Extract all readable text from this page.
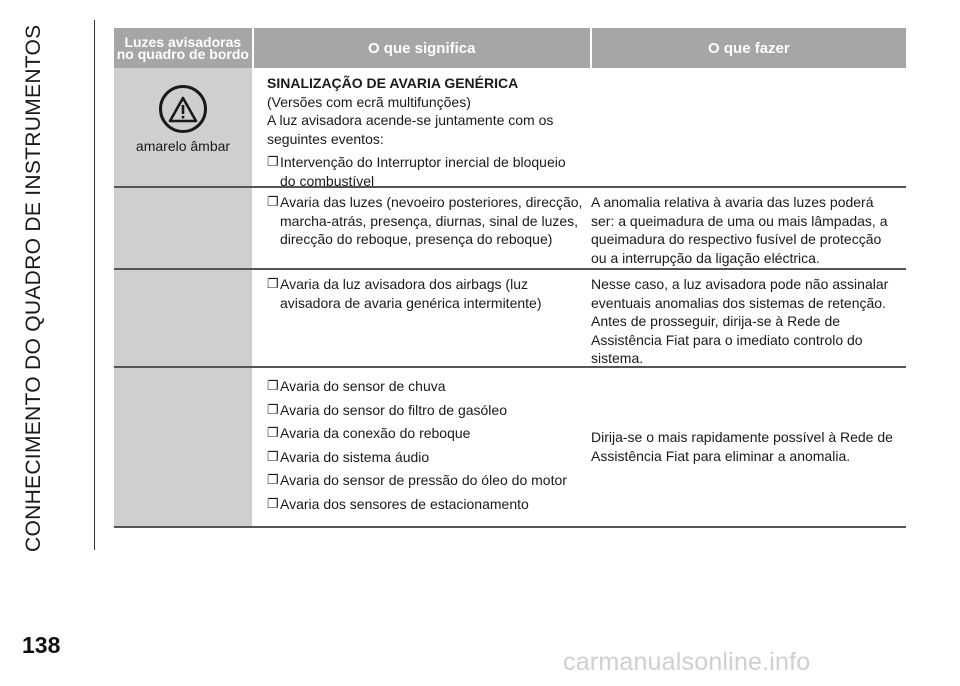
CONHECIMENTO DO QUADRO DE INSTRUMENTOS
138
carmanualsonline.info
Luzes avisadoras
no quadro de bordo	O que significa	O que fazer
amarelo âmbar
SINALIZAÇÃO DE AVARIA GENÉRICA
(Versões com ecrã multifunções)
A luz avisadora acende-se juntamente com os seguintes eventos:
❐ Intervenção do Interruptor inercial de bloqueio do combustível
❐ Avaria das luzes (nevoeiro posteriores, direcção, marcha-atrás, presença, diurnas, sinal de luzes, direcção do reboque, presença do reboque)
A anomalia relativa à avaria das luzes poderá ser: a queimadura de uma ou mais lâmpadas, a queimadura do respectivo fusível de protecção ou a interrupção da ligação eléctrica.
❐ Avaria da luz avisadora dos airbags (luz avisadora de avaria genérica intermitente)
Nesse caso, a luz avisadora pode não assinalar eventuais anomalias dos sistemas de retenção. Antes de prosseguir, dirija-se à Rede de Assistência Fiat para o imediato controlo do sistema.
❐ Avaria do sensor de chuva
❐ Avaria do sensor do filtro de gasóleo
❐ Avaria da conexão do reboque
❐ Avaria do sistema áudio
❐ Avaria do sensor de pressão do óleo do motor
❐ Avaria dos sensores de estacionamento
Dirija-se o mais rapidamente possível à Rede de Assistência Fiat para eliminar a anomalia.
